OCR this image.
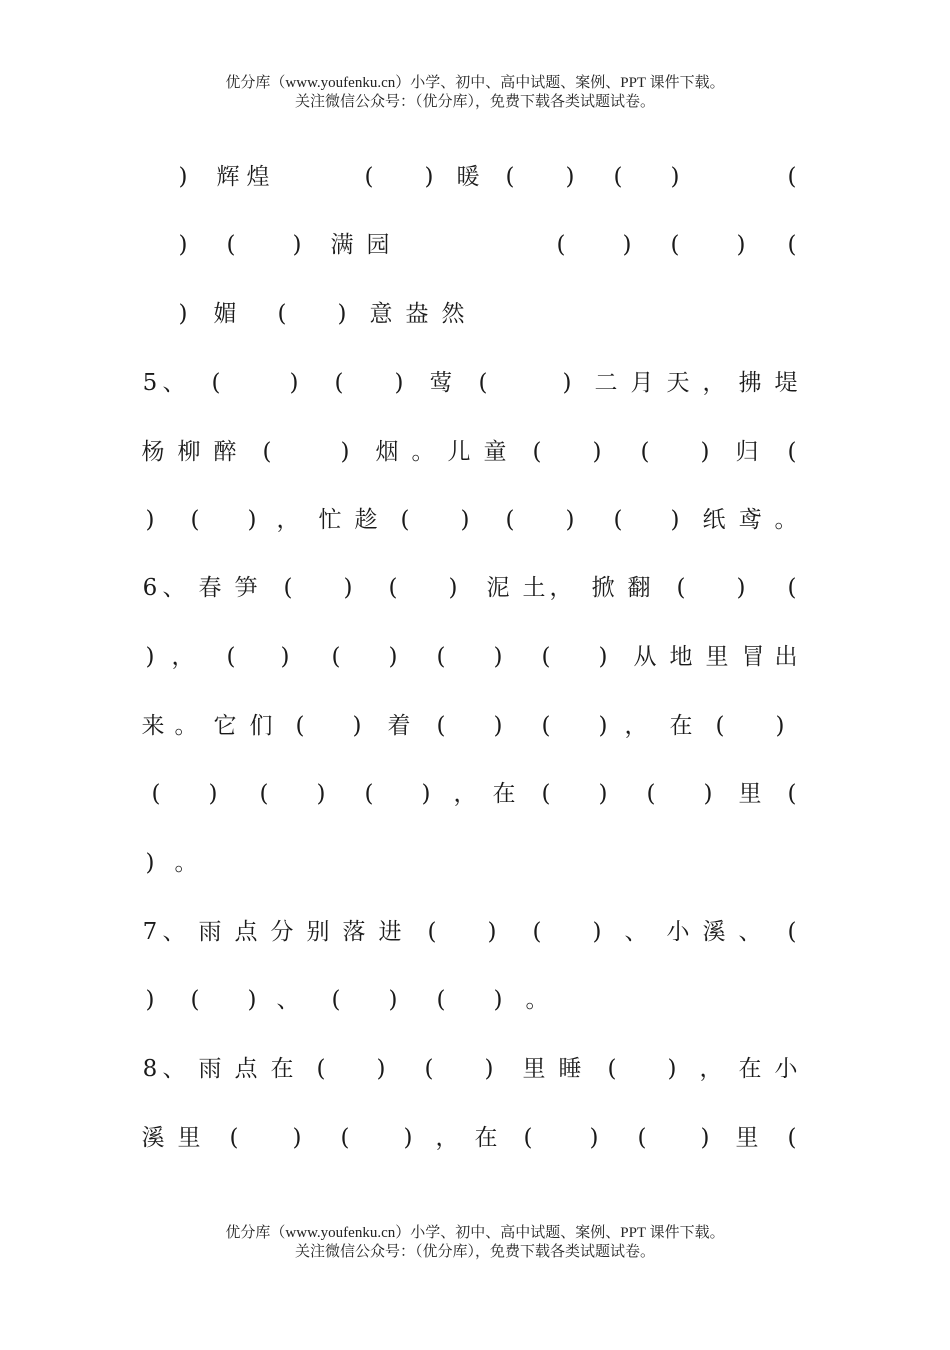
优分库（www.youfenku.cn）小学、初中、高中试题、案例、PPT 课件下载。
关注微信公众号：（优分库），免费下载各类试题试卷。
)	辉 煌	(	)	暖	(	)	(	)	(
)	(	)	满 园	(	)	(	)	(
)	媚	(	)	意 盎 然
5 、	(	)	(	)	莺	(	)	二 月 天 ， 拂 堤
杨 柳 醉	(	)	烟 。 儿 童	(	)	(	)	归	(
)	(	) ， 忙 趁	(	)	(	)	(	)	纸 鸢 。
6 、 春 笋	(	)	(	)	泥 土 ， 掀 翻	(	)	(
) ，	(	)	(	)	(	)	(	)	从 地 里 冒 出
来 。 它 们	(	)	着	(	)	(	) ， 在	(	)
(	)	(	)	(	)	， 在	(	)	(	)	里	(
) 。
7 、 雨 点 分 别 落 进	(	)	(	)	、 小 溪 、	(
)	(	) 、	(	)	(	)	。
8 、 雨 点 在	(	)	(	)	里 睡	(	)	， 在 小
溪 里	(	)	(	)	， 在	(	)	(	)	里	(
优分库（www.youfenku.cn）小学、初中、高中试题、案例、PPT 课件下载。
关注微信公众号：（优分库），免费下载各类试题试卷。
